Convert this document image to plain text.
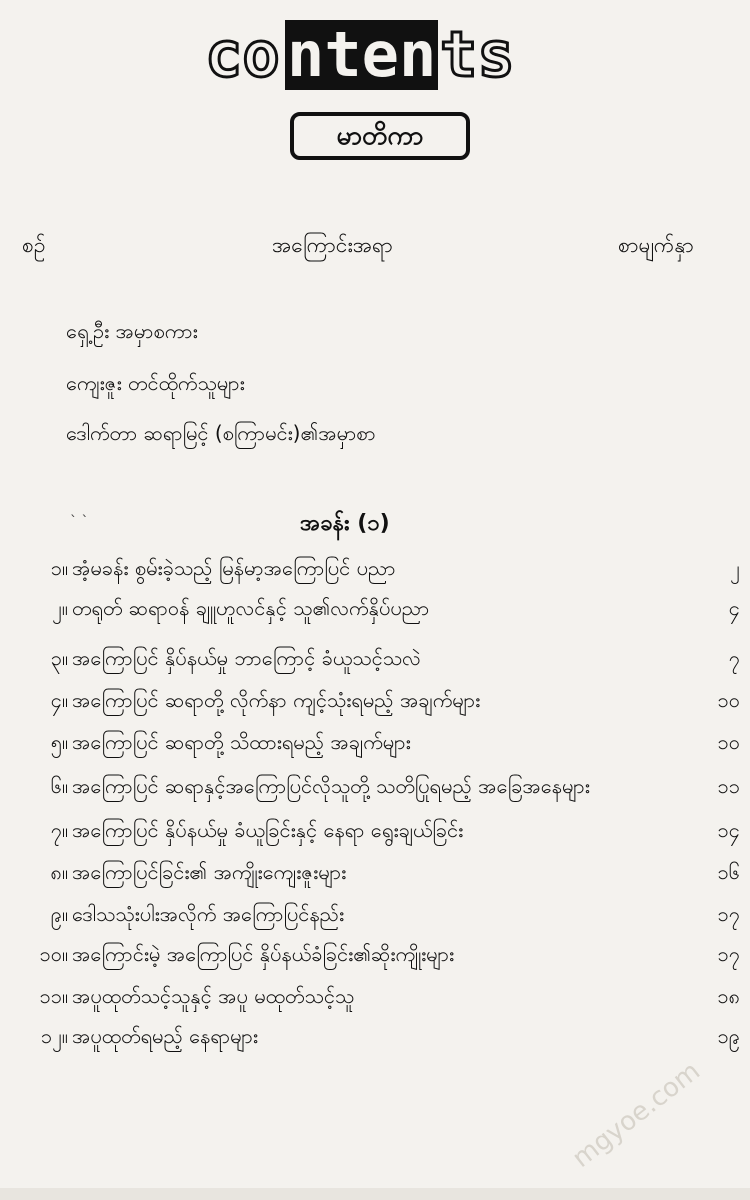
co nten ts
မာတိကာ
စဉ်	အကြောင်းအရာ	စာမျက်နှာ
ရှေ့ဦး အမှာစကား
ကျေးဇူး တင်ထိုက်သူများ
ဒေါက်တာ ဆရာမြင့် (စကြာမင်း)၏အမှာစာ
` `	အခန်း (၁)
၁။ အံ့မခန်း စွမ်းခဲ့သည့် မြန်မာ့အကြောပြင် ပညာ	၂
၂။ တရုတ် ဆရာဝန် ချူဟူလင်နှင့် သူ၏လက်နှိပ်ပညာ	၄
၃။ အကြောပြင် နှိပ်နယ်မှု ဘာကြောင့် ခံယူသင့်သလဲ	၇
၄။ အကြောပြင် ဆရာတို့ လိုက်နာ ကျင့်သုံးရမည့် အချက်များ	၁၀
၅။ အကြောပြင် ဆရာတို့ သိထားရမည့် အချက်များ	၁၀
၆။ အကြောပြင် ဆရာနှင့်အကြောပြင်လိုသူတို့ သတိပြုရမည့် အခြေအနေများ	၁၁
၇။ အကြောပြင် နှိပ်နယ်မှု ခံယူခြင်းနှင့် နေရာ ရွေးချယ်ခြင်း	၁၄
၈။ အကြောပြင်ခြင်း၏ အကျိုးကျေးဇူးများ	၁၆
၉။ ဒေါသသုံးပါးအလိုက် အကြောပြင်နည်း	၁၇
၁၀။ အကြောင်းမဲ့ အကြောပြင် နှိပ်နယ်ခံခြင်း၏ဆိုးကျိုးများ	၁၇
၁၁။ အပူထုတ်သင့်သူနှင့် အပူ မထုတ်သင့်သူ	၁၈
၁၂။ အပူထုတ်ရမည့် နေရာများ	၁၉
mgyoe.com
